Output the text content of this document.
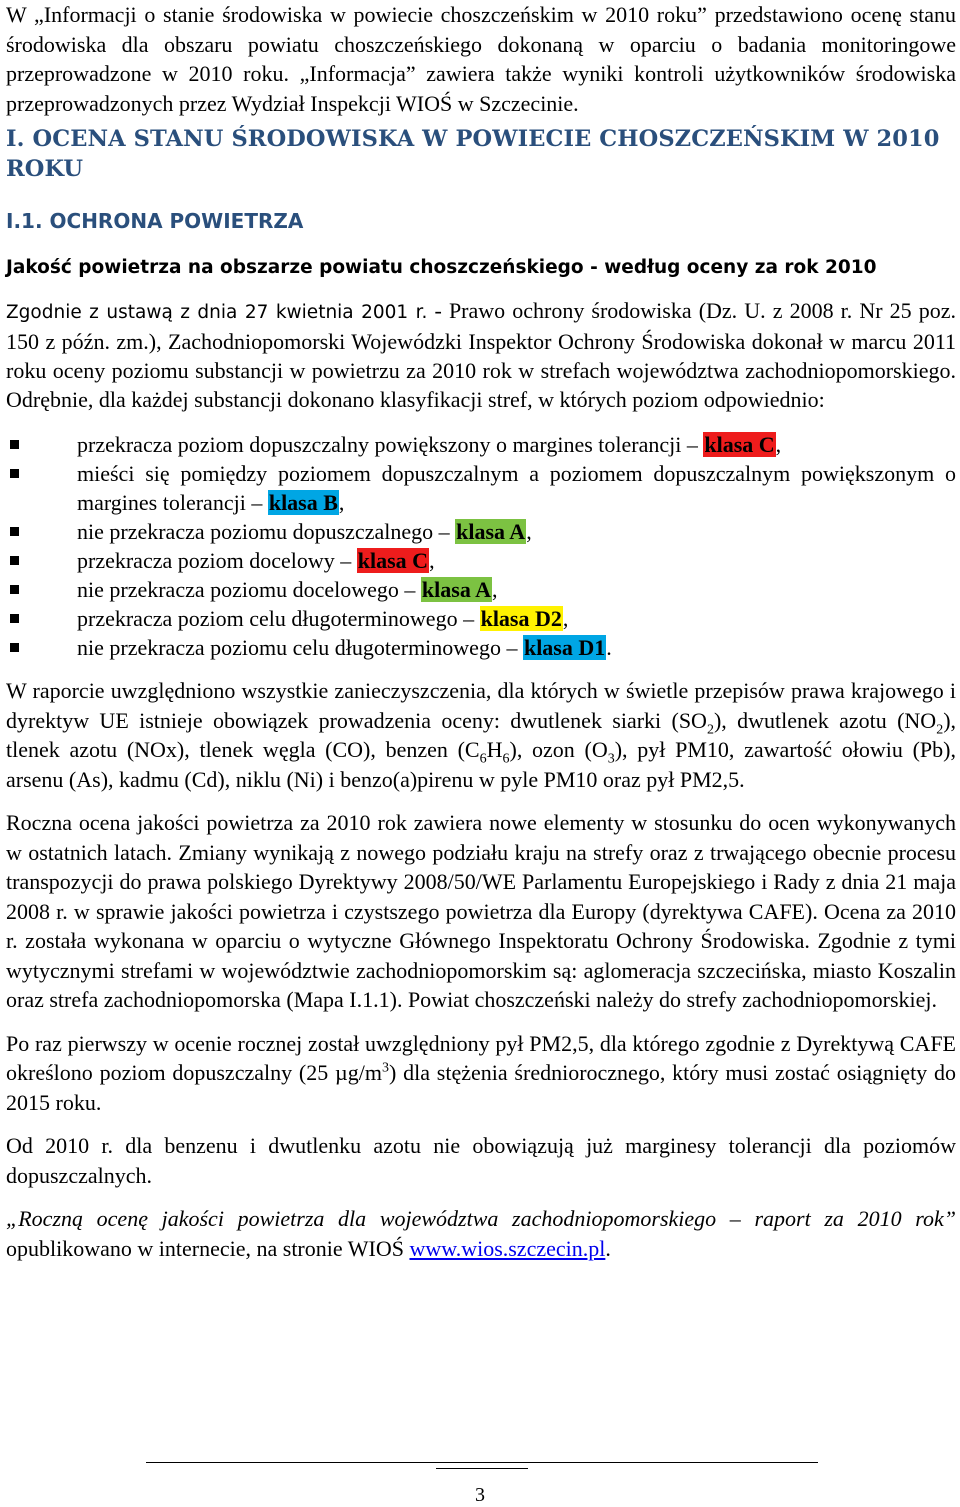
W „Informacji o stanie środowiska w powiecie choszczeńskim w 2010 roku” przedstawiono ocenę stanu środowiska dla obszaru powiatu choszczeńskiego dokonaną w oparciu o badania monitoringowe przeprowadzone w 2010 roku. „Informacja” zawiera także wyniki kontroli użytkowników środowiska przeprowadzonych przez Wydział Inspekcji WIOŚ w Szczecinie.

I. OCENA STANU ŚRODOWISKA W POWIECIE CHOSZCZEŃSKIM W 2010 ROKU
I.1. OCHRONA POWIETRZA
Jakość powietrza na obszarze powiatu choszczeńskiego - według oceny za rok 2010

Zgodnie z ustawą z dnia 27 kwietnia 2001 r. - Prawo ochrony środowiska (Dz. U. z 2008 r. Nr 25 poz. 150 z późn. zm.), Zachodniopomorski Wojewódzki Inspektor Ochrony Środowiska dokonał w marcu 2011 roku oceny poziomu substancji w powietrzu za 2010 rok w strefach województwa zachodniopomorskiego. Odrębnie, dla każdej substancji dokonano klasyfikacji stref, w których poziom odpowiednio:

przekracza poziom dopuszczalny powiększony o margines tolerancji – klasa C,
mieści się pomiędzy poziomem dopuszczalnym a poziomem dopuszczalnym powiększonym o margines tolerancji – klasa B,
nie przekracza poziomu dopuszczalnego – klasa A,
przekracza poziom docelowy – klasa C,
nie przekracza poziomu docelowego – klasa A,
przekracza poziom celu długoterminowego – klasa D2,
nie przekracza poziomu celu długoterminowego – klasa D1.

W raporcie uwzględniono wszystkie zanieczyszczenia, dla których w świetle przepisów prawa krajowego i dyrektyw UE istnieje obowiązek prowadzenia oceny: dwutlenek siarki $(SO_2)$, dwutlenek azotu $(NO_2)$, tlenek azotu (NOx), tlenek węgla (CO), benzen $(C_6H_6)$, ozon $(O_3)$, pył PM10, zawartość ołowiu (Pb), arsenu (As), kadmu (Cd), niklu (Ni) i benzo(a)pirenu w pyle PM10 oraz pył PM2,5.

Roczna ocena jakości powietrza za 2010 rok zawiera nowe elementy w stosunku do ocen wykonywanych w ostatnich latach. Zmiany wynikają z nowego podziału kraju na strefy oraz z trwającego obecnie procesu transpozycji do prawa polskiego Dyrektywy 2008/50/WE Parlamentu Europejskiego i Rady z dnia 21 maja 2008 r. w sprawie jakości powietrza i czystszego powietrza dla Europy (dyrektywa CAFE). Ocena za 2010 r. została wykonana w oparciu o wytyczne Głównego Inspektoratu Ochrony Środowiska. Zgodnie z tymi wytycznymi strefami w województwie zachodniopomorskim są: aglomeracja szczecińska, miasto Koszalin oraz strefa zachodniopomorska (Mapa I.1.1). Powiat choszczeński należy do strefy zachodniopomorskiej.

Po raz pierwszy w ocenie rocznej został uwzględniony pył PM2,5, dla którego zgodnie z Dyrektywą CAFE określono poziom dopuszczalny (25 $\mu g/m^3$) dla stężenia średniorocznego, który musi zostać osiągnięty do 2015 roku.

Od 2010 r. dla benzenu i dwutlenku azotu nie obowiązują już marginesy tolerancji dla poziomów dopuszczalnych.

„Roczną ocenę jakości powietrza dla województwa zachodniopomorskiego – raport za 2010 rok” opublikowano w internecie, na stronie WIOŚ www.wios.szczecin.pl.

3
